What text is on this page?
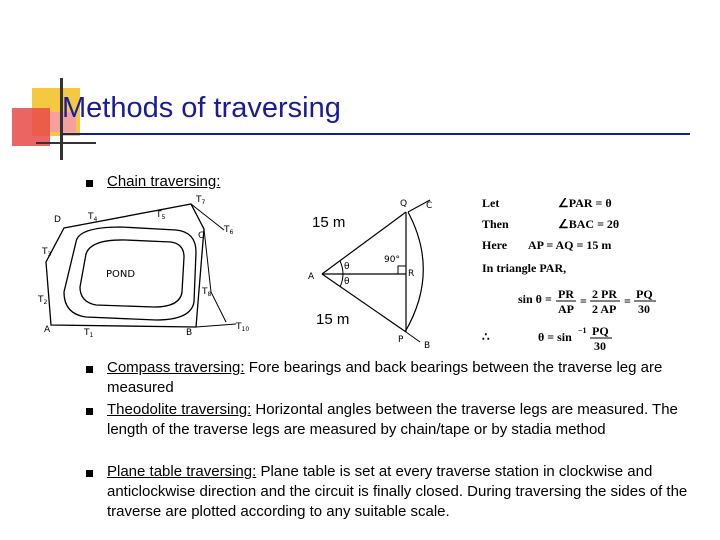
Methods of traversing
Chain traversing:
D	$T_4$	$T_5$
$T_7$
C
$T_6$
$T_3$
POND
$T_8$
$T_2$
A	$T_1$	B
$T_{10}$
15 m
15 m
Q C
90°
θ
A	θ
R
P
B
Let	∠PAR = θ
Then	∠BAC = 2θ
Here AP = AQ = 15 m
In triangle PAR,
sin θ = PR
AP
= 2 PR
2 AP
= PQ
30
∴	θ = sin −1 PQ
30
Compass traversing: Fore bearings and back bearings between the traverse leg are measured
Theodolite traversing: Horizontal angles between the traverse legs are measured. The length of the traverse legs are measured by chain/tape or by stadia method
Plane table traversing: Plane table is set at every traverse station in clockwise and anticlockwise direction and the circuit is finally closed. During traversing the sides of the traverse are plotted according to any suitable scale.
